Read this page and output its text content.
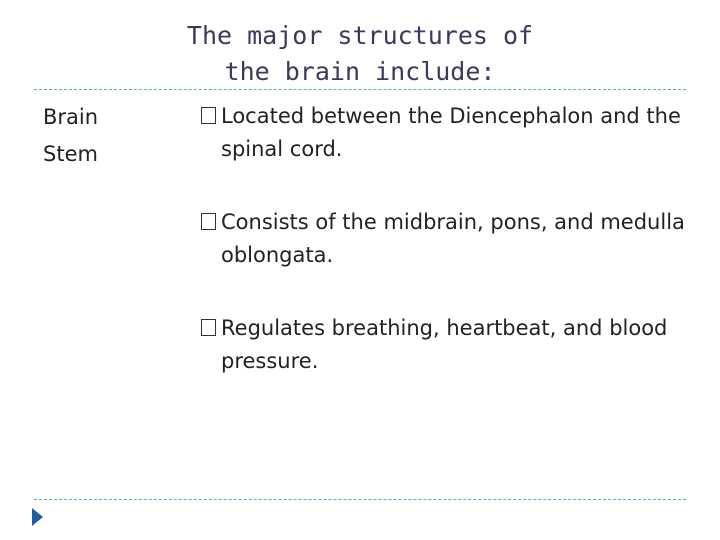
The major structures of
the brain include:
Brain Stem
Located between the Diencephalon and the spinal cord.
Consists of the midbrain, pons, and medulla oblongata.
Regulates breathing, heartbeat, and blood pressure.
